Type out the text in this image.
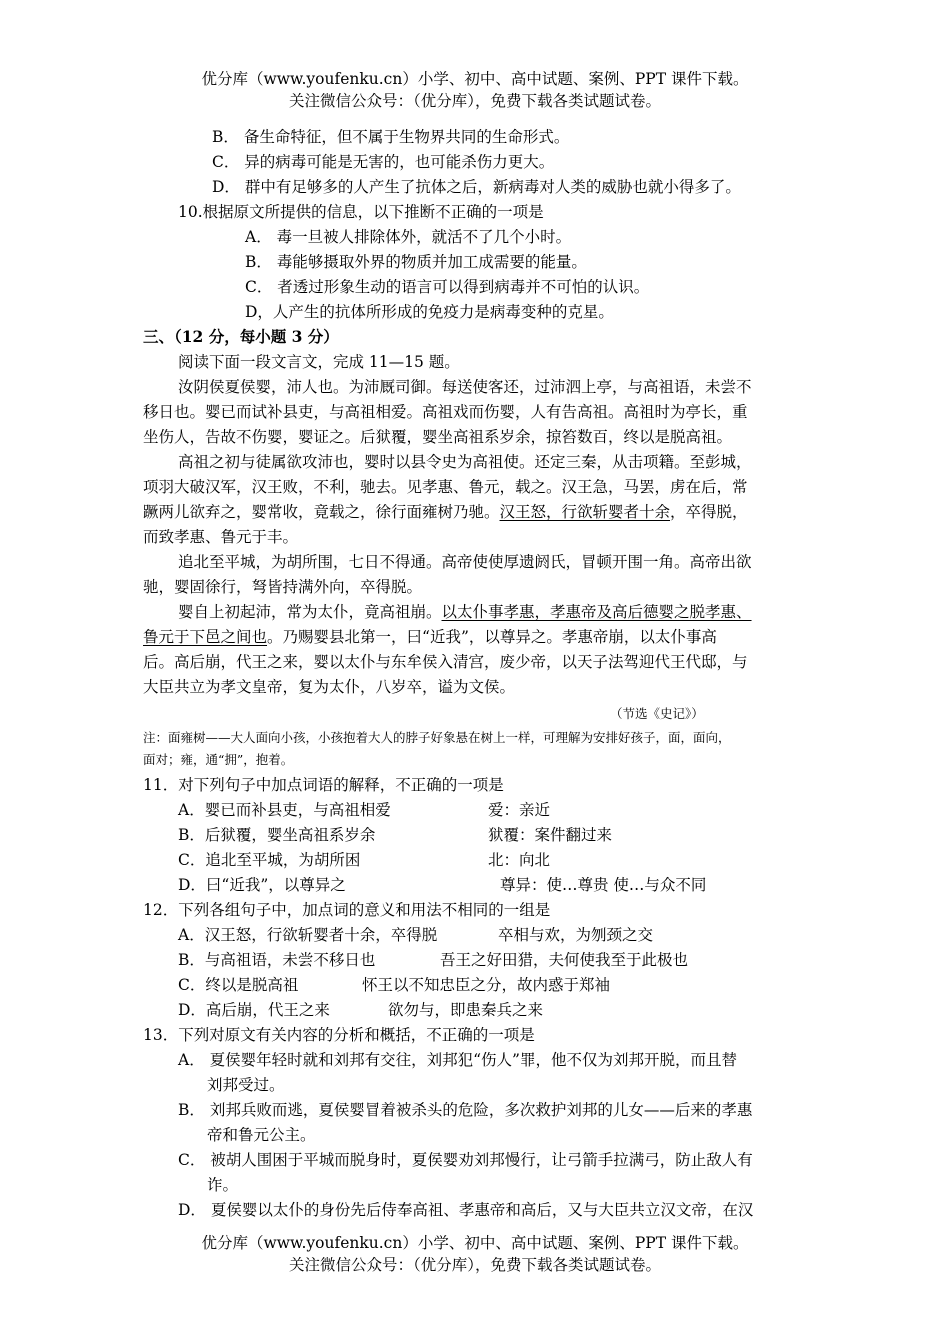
优分库（www.youfenku.cn）小学、初中、高中试题、案例、PPT 课件下载。
关注微信公众号：（优分库），免费下载各类试题试卷。
B． 备生命特征，但不属于生物界共同的生命形式。
C． 异的病毒可能是无害的，也可能杀伤力更大。
D． 群中有足够多的人产生了抗体之后，新病毒对人类的威胁也就小得多了。
10.根据原文所提供的信息，以下推断不正确的一项是
A． 毒一旦被人排除体外，就活不了几个小时。
B． 毒能够摄取外界的物质并加工成需要的能量。
C． 者透过形象生动的语言可以得到病毒并不可怕的认识。
D，人产生的抗体所形成的免疫力是病毒变种的克星。
三、（12 分，每小题 3 分）
阅读下面一段文言文，完成 11—15 题。
汝阴侯夏侯婴，沛人也。为沛厩司御。每送使客还，过沛泗上亭，与高祖语，未尝不
移日也。婴已而试补县吏，与高祖相爱。高祖戏而伤婴，人有告高祖。高祖时为亭长，重
坐伤人，告故不伤婴，婴证之。后狱覆，婴坐高祖系岁余，掠笞数百，终以是脱高祖。
高祖之初与徒属欲攻沛也，婴时以县令史为高祖使。还定三秦，从击项籍。至彭城，
项羽大破汉军，汉王败，不利，驰去。见孝惠、鲁元，载之。汉王急，马罢，虏在后，常
蹶两儿欲弃之，婴常收，竟载之，徐行面雍树乃驰。汉王怒，行欲斩婴者十余，卒得脱，
而致孝惠、鲁元于丰。
追北至平城，为胡所围，七日不得通。高帝使使厚遗阏氏，冒顿开围一角。高帝出欲
驰，婴固徐行，弩皆持满外向，卒得脱。
婴自上初起沛，常为太仆，竟高祖崩。以太仆事孝惠，孝惠帝及高后德婴之脱孝惠、
鲁元于下邑之间也。乃赐婴县北第一，曰“近我”，以尊异之。孝惠帝崩，以太仆事高
后。高后崩，代王之来，婴以太仆与东牟侯入清宫，废少帝，以天子法驾迎代王代邸，与
大臣共立为孝文皇帝，复为太仆，八岁卒，谥为文侯。
（节选《史记》）
注：面雍树——大人面向小孩，小孩抱着大人的脖子好象悬在树上一样，可理解为安排好孩子，面，面向，
面对；雍，通“拥”，抱着。
11．对下列句子中加点词语的解释，不正确的一项是
A．婴已而补县吏，与高祖相爱	爱：亲近
B．后狱覆，婴坐高祖系岁余	狱覆：案件翻过来
C．追北至平城，为胡所困	北：向北
D．曰“近我”，以尊异之	尊异：使…尊贵 使…与众不同
12．下列各组句子中，加点词的意义和用法不相同的一组是
A．汉王怒，行欲斩婴者十余，卒得脱	卒相与欢，为刎颈之交
B．与高祖语，未尝不移日也	吾王之好田猎，夫何使我至于此极也
C．终以是脱高祖	怀王以不知忠臣之分，故内惑于郑袖
D．高后崩，代王之来	欲勿与，即患秦兵之来
13．下列对原文有关内容的分析和概括，不正确的一项是
A． 夏侯婴年轻时就和刘邦有交往，刘邦犯“伤人”罪，他不仅为刘邦开脱，而且替
刘邦受过。
B． 刘邦兵败而逃，夏侯婴冒着被杀头的危险，多次救护刘邦的儿女——后来的孝惠
帝和鲁元公主。
C． 被胡人围困于平城而脱身时，夏侯婴劝刘邦慢行，让弓箭手拉满弓，防止敌人有
诈。
D． 夏侯婴以太仆的身份先后侍奉高祖、孝惠帝和高后，又与大臣共立汉文帝，在汉
优分库（www.youfenku.cn）小学、初中、高中试题、案例、PPT 课件下载。
关注微信公众号：（优分库），免费下载各类试题试卷。
